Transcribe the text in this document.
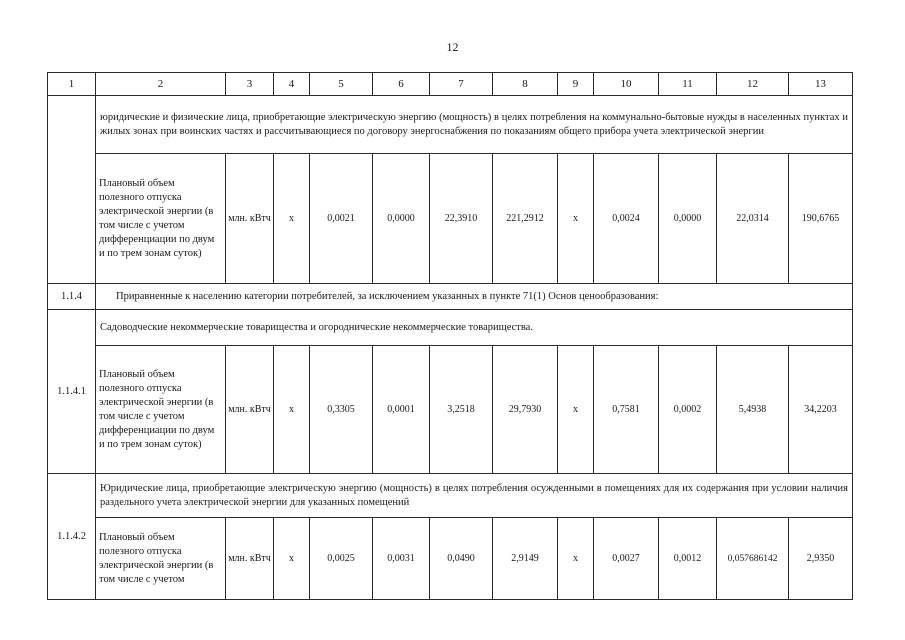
12
1	2	3	4	5	6	7	8	9	10	11	12	13
	юридические и физические лица, приобретающие электрическую энергию (мощность) в целях потребления на коммунально-бытовые нужды в населенных пунктах и жилых зонах при воинских частях и рассчитывающиеся по договору энергоснабжения по показаниям общего прибора учета электрической энергии											
	Плановый объем полезного отпуска электрической энергии (в том числе с учетом дифференциации по двум и по трем зонам суток)	млн. кВтч	x	0,0021	0,0000	22,3910	221,2912	x	0,0024	0,0000	22,0314	190,6765
1.1.4	Приравненные к населению категории потребителей, за исключением указанных в пункте 71(1) Основ ценообразования:											
1.1.4.1	Садоводческие некоммерческие товарищества и огороднические некоммерческие товарищества.											
	Плановый объем полезного отпуска электрической энергии (в том числе с учетом дифференциации по двум и по трем зонам суток)	млн. кВтч	x	0,3305	0,0001	3,2518	29,7930	x	0,7581	0,0002	5,4938	34,2203
1.1.4.2	Юридические лица, приобретающие электрическую энергию (мощность) в целях потребления осужденными в помещениях для их содержания при условии наличия раздельного учета электрической энергии для указанных помещений											
	Плановый объем полезного отпуска электрической энергии (в том числе с учетом	млн. кВтч	x	0,0025	0,0031	0,0490	2,9149	x	0,0027	0,0012	0,057686142	2,9350
